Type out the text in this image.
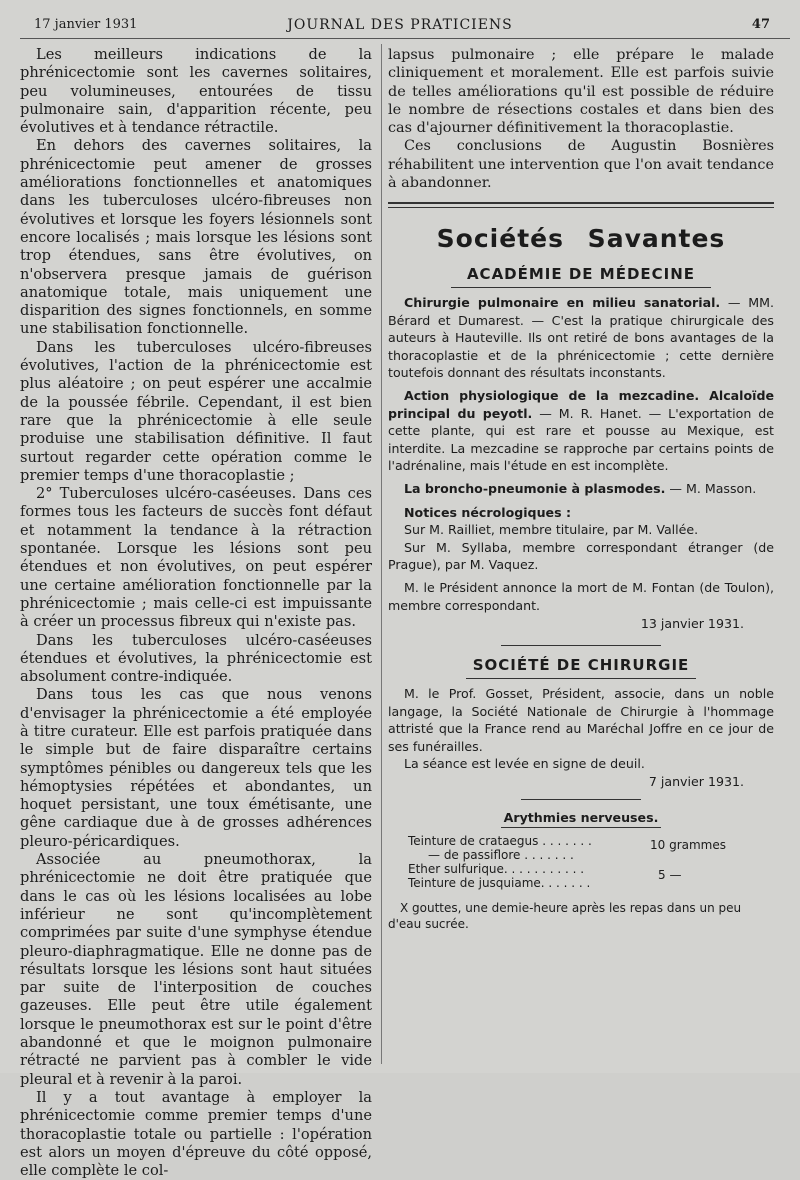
JOURNAL DES PRATICIENS
17 janvier 1931	47

Les meilleurs indications de la phrénicectomie sont les cavernes solitaires, peu volumineuses, entourées de tissu pulmonaire sain, d'apparition récente, peu évolutives et à tendance rétractile.

En dehors des cavernes solitaires, la phrénicectomie peut amener de grosses améliorations fonctionnelles et anatomiques dans les tuberculoses ulcéro-fibreuses non évolutives et lorsque les foyers lésionnels sont encore localisés ; mais lorsque les lésions sont trop étendues, sans être évolutives, on n'observera presque jamais de guérison anatomique totale, mais uniquement une disparition des signes fonctionnels, en somme une stabilisation fonctionnelle.

Dans les tuberculoses ulcéro-fibreuses évolutives, l'action de la phrénicectomie est plus aléatoire ; on peut espérer une accalmie de la poussée fébrile. Cependant, il est bien rare que la phrénicectomie à elle seule produise une stabilisation définitive. Il faut surtout regarder cette opération comme le premier temps d'une thoracoplastie ;

2° Tuberculoses ulcéro-caséeuses. Dans ces formes tous les facteurs de succès font défaut et notamment la tendance à la rétraction spontanée. Lorsque les lésions sont peu étendues et non évolutives, on peut espérer une certaine amélioration fonctionnelle par la phrénicectomie ; mais celle-ci est impuissante à créer un processus fibreux qui n'existe pas.

Dans les tuberculoses ulcéro-caséeuses étendues et évolutives, la phrénicectomie est absolument contre-indiquée.

Dans tous les cas que nous venons d'envisager la phrénicectomie a été employée à titre curateur. Elle est parfois pratiquée dans le simple but de faire disparaître certains symptômes pénibles ou dangereux tels que les hémoptysies répétées et abondantes, un hoquet persistant, une toux émétisante, une gêne cardiaque due à de grosses adhérences pleuro-péricardiques.

Associée au pneumothorax, la phrénicectomie ne doit être pratiquée que dans le cas où les lésions localisées au lobe inférieur ne sont qu'incomplètement comprimées par suite d'une symphyse étendue pleuro-diaphragmatique. Elle ne donne pas de résultats lorsque les lésions sont haut situées par suite de l'interposition de couches gazeuses. Elle peut être utile également lorsque le pneumothorax est sur le point d'être abandonné et que le moignon pulmonaire rétracté ne parvient pas à combler le vide pleural et à revenir à la paroi.

Il y a tout avantage à employer la phrénicectomie comme premier temps d'une thoracoplastie totale ou partielle : l'opération est alors un moyen d'épreuve du côté opposé, elle complète le col-

lapsus pulmonaire ; elle prépare le malade cliniquement et moralement. Elle est parfois suivie de telles améliorations qu'il est possible de réduire le nombre de résections costales et dans bien des cas d'ajourner définitivement la thoracoplastie.

Ces conclusions de Augustin Bosnières réhabilitent une intervention que l'on avait tendance à abandonner.

Sociétés Savantes
ACADÉMIE DE MÉDECINE

Chirurgie pulmonaire en milieu sanatorial. — MM. Bérard et Dumarest. — C'est la pratique chirurgicale des auteurs à Hauteville. Ils ont retiré de bons avantages de la thoracoplastie et de la phrénicectomie ; cette dernière toutefois donnant des résultats inconstants.

Action physiologique de la mezcadine. Alcaloïde principal du peyotl. — M. R. Hanet. — L'exportation de cette plante, qui est rare et pousse au Mexique, est interdite. La mezcadine se rapproche par certains points de l'adrénaline, mais l'étude en est incomplète.

La broncho-pneumonie à plasmodes. — M. Masson.

Notices nécrologiques :

Sur M. Railliet, membre titulaire, par M. Vallée.

Sur M. Syllaba, membre correspondant étranger (de Prague), par M. Vaquez.

M. le Président annonce la mort de M. Fontan (de Toulon), membre correspondant.

13 janvier 1931.
SOCIÉTÉ DE CHIRURGIE

M. le Prof. Gosset, Président, associe, dans un noble langage, la Société Nationale de Chirurgie à l'hommage attristé que la France rend au Maréchal Joffre en ce jour de ses funérailles.

La séance est levée en signe de deuil.

7 janvier 1931.
Arythmies nerveuses.
Teinture de crataegus . . . . . . .
— de passiflore . . . . . . .
Ether sulfurique. . . . . . . . . . .
Teinture de jusquiame. . . . . . .
10 grammes
5 —

X gouttes, une demie-heure après les repas dans un peu d'eau sucrée.
